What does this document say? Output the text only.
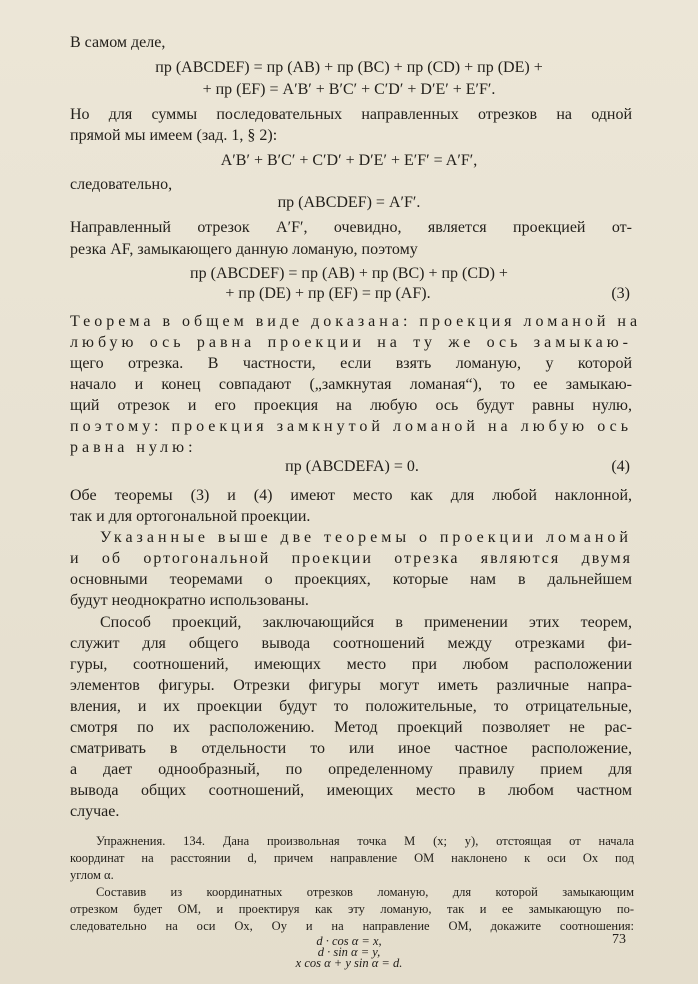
В самом деле,
пр (ABCDEF) = пр (AB) + пр (BC) + пр (CD) + пр (DE) +
+ пр (EF) = A′B′ + B′C′ + C′D′ + D′E′ + E′F′.
Но для суммы последовательных направленных отрезков на одной
прямой мы имеем (зад. 1, § 2):
A′B′ + B′C′ + C′D′ + D′E′ + E′F′ = A′F′,
следовательно,
пр (ABCDEF) = A′F′.
Направленный отрезок A′F′, очевидно, является проекцией от-
резка AF, замыкающего данную ломаную, поэтому
пр (ABCDEF) = пр (AB) + пр (BC) + пр (CD) +
+ пр (DE) + пр (EF) = пр (AF).	(3)
Теорема в общем виде доказана: проекция ломаной на
любую ось равна проекции на ту же ось замыкаю-
щего отрезка. В частности, если взять ломаную, у которой
начало и конец совпадают („замкнутая ломаная“), то ее замыкаю-
щий отрезок и его проекция на любую ось будут равны нулю,
поэтому: проекция замкнутой ломаной на любую ось
равна нулю:
пр (ABCDEFA) = 0.	(4)
Обе теоремы (3) и (4) имеют место как для любой наклонной,
так и для ортогональной проекции.
Указанные выше две теоремы о проекции ломаной
и об ортогональной проекции отрезка являются двумя
основными теоремами о проекциях, которые нам в дальнейшем
будут неоднократно использованы.
Способ проекций, заключающийся в применении этих теорем,
служит для общего вывода соотношений между отрезками фи-
гуры, соотношений, имеющих место при любом расположении
элементов фигуры. Отрезки фигуры могут иметь различные напра-
вления, и их проекции будут то положительные, то отрицательные,
смотря по их расположению. Метод проекций позволяет не рас-
сматривать в отдельности то или иное частное расположение,
а дает однообразный, по определенному правилу прием для
вывода общих соотношений, имеющих место в любом частном
случае.
Упражнения. 134. Дана произвольная точка M (x; y), отстоящая от начала
координат на расстоянии d, причем направление OM наклонено к оси Ox под
углом α.
Составив из координатных отрезков ломаную, для которой замыкающим
отрезком будет OM, и проектируя как эту ломаную, так и ее замыкающую по-
следовательно на оси Ox, Oy и на направление OM, докажите соотношения:
d · cos α = x,
d · sin α = y,
73
x cos α + y sin α = d.
